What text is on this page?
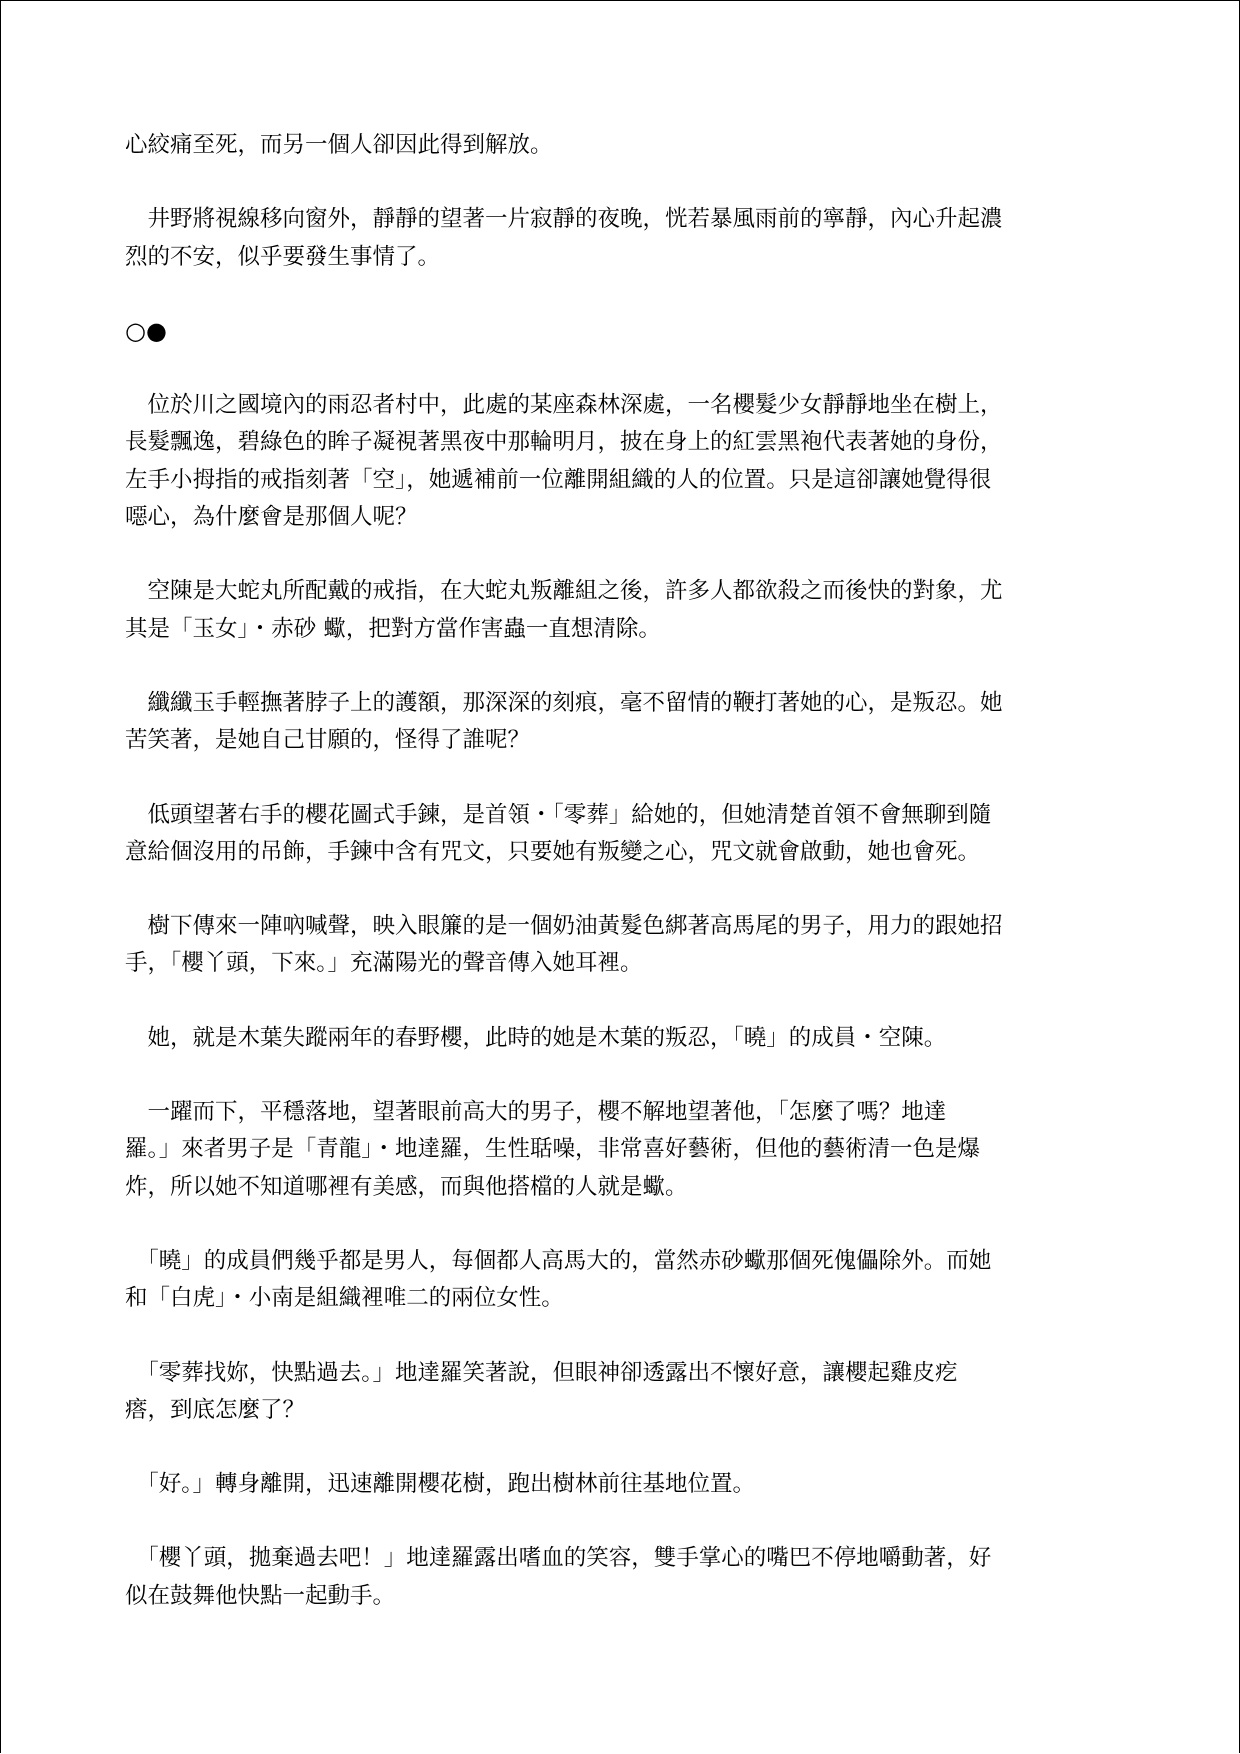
心絞痛至死，而另一個人卻因此得到解放。

　井野將視線移向窗外，靜靜的望著一片寂靜的夜晚，恍若暴風雨前的寧靜，內心升起濃
烈的不安，似乎要發生事情了。

○●

　位於川之國境內的雨忍者村中，此處的某座森林深處，一名櫻髮少女靜靜地坐在樹上，
長髮飄逸，碧綠色的眸子凝視著黑夜中那輪明月，披在身上的紅雲黑袍代表著她的身份，
左手小拇指的戒指刻著「空」，她遞補前一位離開組織的人的位置。只是這卻讓她覺得很
噁心，為什麼會是那個人呢？

　空陳是大蛇丸所配戴的戒指，在大蛇丸叛離組之後，許多人都欲殺之而後快的對象，尤
其是「玉女」・赤砂 蠍，把對方當作害蟲一直想清除。

　纖纖玉手輕撫著脖子上的護額，那深深的刻痕，毫不留情的鞭打著她的心，是叛忍。她
苦笑著，是她自己甘願的，怪得了誰呢？

　低頭望著右手的櫻花圖式手鍊，是首領・「零葬」給她的，但她清楚首領不會無聊到隨
意給個沒用的吊飾，手鍊中含有咒文，只要她有叛變之心，咒文就會啟動，她也會死。

　樹下傳來一陣吶喊聲，映入眼簾的是一個奶油黃髮色綁著高馬尾的男子，用力的跟她招
手，「櫻丫頭，下來。」充滿陽光的聲音傳入她耳裡。

　她，就是木葉失蹤兩年的春野櫻，此時的她是木葉的叛忍，「曉」的成員・空陳。

　一躍而下，平穩落地，望著眼前高大的男子，櫻不解地望著他，「怎麼了嗎？地達
羅。」來者男子是「青龍」・地達羅，生性聒噪，非常喜好藝術，但他的藝術清一色是爆
炸，所以她不知道哪裡有美感，而與他搭檔的人就是蠍。

　「曉」的成員們幾乎都是男人，每個都人高馬大的，當然赤砂蠍那個死傀儡除外。而她
和「白虎」・小南是組織裡唯二的兩位女性。

　「零葬找妳，快點過去。」地達羅笑著說，但眼神卻透露出不懷好意，讓櫻起雞皮疙
瘩，到底怎麼了？

　「好。」轉身離開，迅速離開櫻花樹，跑出樹林前往基地位置。

　「櫻丫頭，拋棄過去吧！」地達羅露出嗜血的笑容，雙手掌心的嘴巴不停地嚼動著，好
似在鼓舞他快點一起動手。
